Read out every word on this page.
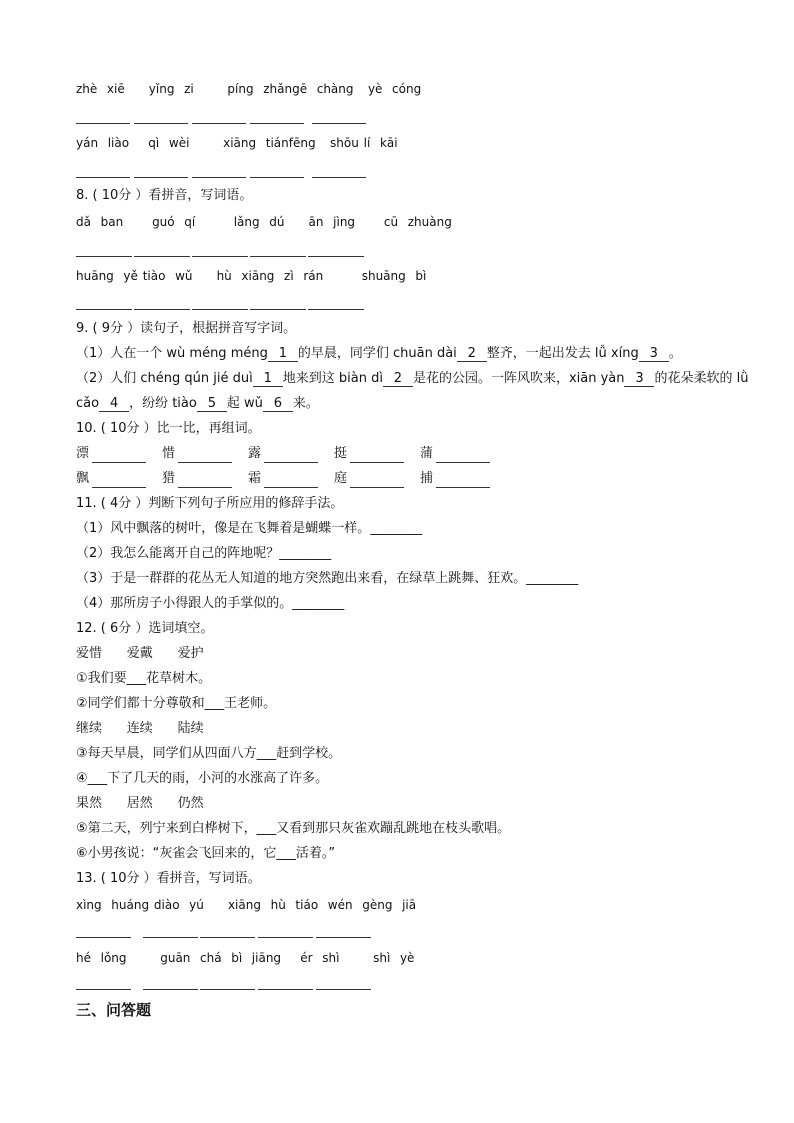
zhè  xiē     yǐng  zi       píng  zhǎngē  chàng   yè  cóng
yán  liào    qì  wèi       xiāng  tiánfēng   shōu lí  kāi
8. ( 10分 ）看拼音，写词语。
dǎ  ban      guó  qí        lǎng  dú     ān  jìng      cū  zhuàng
huāng  yě tiào  wǔ     hù  xiāng  zì  rán        shuāng  bì
9. ( 9分 ）读句子，根据拼音写字词。
（1）人在一个 wù méng méng 1 的早晨，同学们 chuān dài 2 整齐，一起出发去 lǚ xíng 3 。
（2）人们 chéng qún jié duì 1 地来到这 biàn dì 2 是花的公园。一阵风吹来，xiān yàn 3 的花朵柔软的 lǜ
cǎo 4 ，纷纷 tiào 5 起 wǔ 6 来。
10. ( 10分 ）比一比，再组词。
11. ( 4分 ）判断下列句子所应用的修辞手法。
（1）风中飘落的树叶，像是在飞舞着是蝴蝶一样。________
（2）我怎么能离开自己的阵地呢？________
（3）于是一群群的花丛无人知道的地方突然跑出来看，在绿草上跳舞、狂欢。________
（4）那所房子小得跟人的手掌似的。________
12. ( 6分 ）选词填空。
爱惜      爱戴      爱护
①我们要___花草树木。
②同学们都十分尊敬和___王老师。
继续      连续      陆续
③每天早晨，同学们从四面八方___赶到学校。
④___下了几天的雨，小河的水涨高了许多。
果然      居然      仍然
⑤第二天，列宁来到白桦树下，___又看到那只灰雀欢蹦乱跳地在枝头歌唱。
⑥小男孩说：“灰雀会飞回来的，它___活着。”
13. ( 10分 ）看拼音，写词语。
xìng  huáng diào  yú     xiāng  hù  tiáo  wén  gèng  jiā
hé  lǒng       guān  chá  bì  jiāng    ér  shì       shì  yè
三、问答题
漂	惜	露	挺	蒲
飘	猎	霜	庭	捕
